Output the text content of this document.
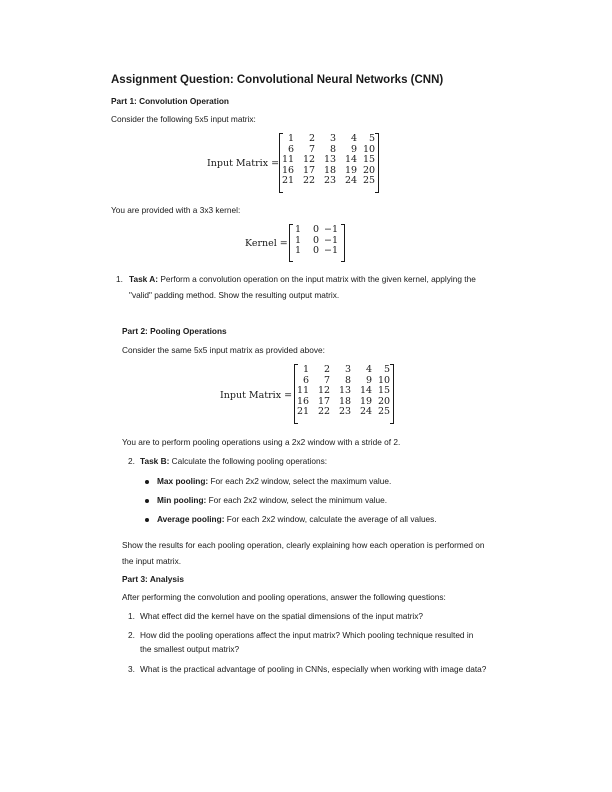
Assignment Question: Convolutional Neural Networks (CNN)
Part 1: Convolution Operation
Consider the following 5x5 input matrix:
Input Matrix =
1	2	3	4	5
6	7	8	9	10
11	12	13	14	15
16	17	18	19	20
21	22	23	24	25
You are provided with a 3x3 kernel:
Kernel =
1	0	−1
1	0	−1
1	0	−1
1. Task A: Perform a convolution operation on the input matrix with the given kernel, applying the
"valid" padding method. Show the resulting output matrix.
Part 2: Pooling Operations
Consider the same 5x5 input matrix as provided above:
Input Matrix =
1	2	3	4	5
6	7	8	9	10
11	12	13	14	15
16	17	18	19	20
21	22	23	24	25
You are to perform pooling operations using a 2x2 window with a stride of 2.
2. Task B: Calculate the following pooling operations:
Max pooling: For each 2x2 window, select the maximum value.
Min pooling: For each 2x2 window, select the minimum value.
Average pooling: For each 2x2 window, calculate the average of all values.
Show the results for each pooling operation, clearly explaining how each operation is performed on
the input matrix.
Part 3: Analysis
After performing the convolution and pooling operations, answer the following questions:
1. What effect did the kernel have on the spatial dimensions of the input matrix?
2. How did the pooling operations affect the input matrix? Which pooling technique resulted in
the smallest output matrix?
3. What is the practical advantage of pooling in CNNs, especially when working with image data?
